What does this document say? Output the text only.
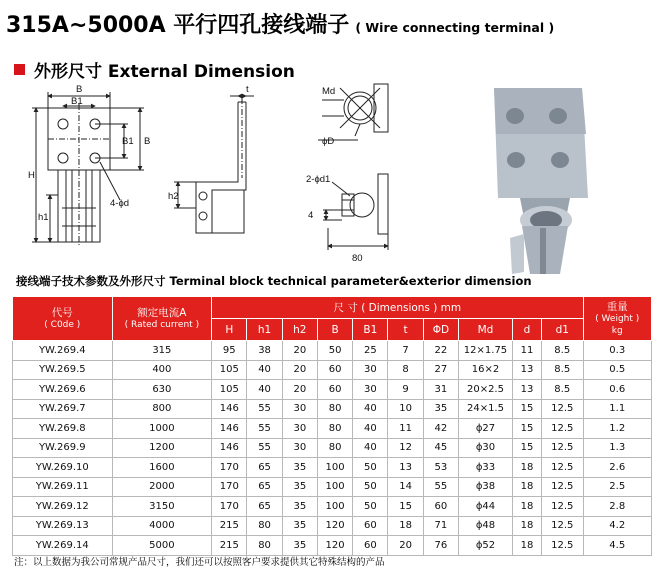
315A~5000A 平行四孔接线端子 ( Wire connecting terminal )
外形尺寸 External Dimension
B
B1
H
h1
B
B1
4-ϕd
t
h2
Md
ϕD
2-ϕd1
4
80
接线端子技术参数及外形尺寸 Terminal block technical parameter&exterior dimension
代号
( C0de )	额定电流A
( Rated current )	尺 寸 ( Dimensions ) mm										重量
( Weight )
kg

		H	h1	h2	B	B1	t	ΦD	Md	d	d1	
YW.269.4	315	95	38	20	50	25	7	22	12×1.75	11	8.5	0.3
YW.269.5	400	105	40	20	60	30	8	27	16×2	13	8.5	0.5
YW.269.6	630	105	40	20	60	30	9	31	20×2.5	13	8.5	0.6
YW.269.7	800	146	55	30	80	40	10	35	24×1.5	15	12.5	1.1
YW.269.8	1000	146	55	30	80	40	11	42	ϕ27	15	12.5	1.2
YW.269.9	1200	146	55	30	80	40	12	45	ϕ30	15	12.5	1.3
YW.269.10	1600	170	65	35	100	50	13	53	ϕ33	18	12.5	2.6
YW.269.11	2000	170	65	35	100	50	14	55	ϕ38	18	12.5	2.5
YW.269.12	3150	170	65	35	100	50	15	60	ϕ44	18	12.5	2.8
YW.269.13	4000	215	80	35	120	60	18	71	ϕ48	18	12.5	4.2
YW.269.14	5000	215	80	35	120	60	20	76	ϕ52	18	12.5	4.5
注：以上数据为我公司常规产品尺寸，我们还可以按照客户要求提供其它特殊结构的产品
